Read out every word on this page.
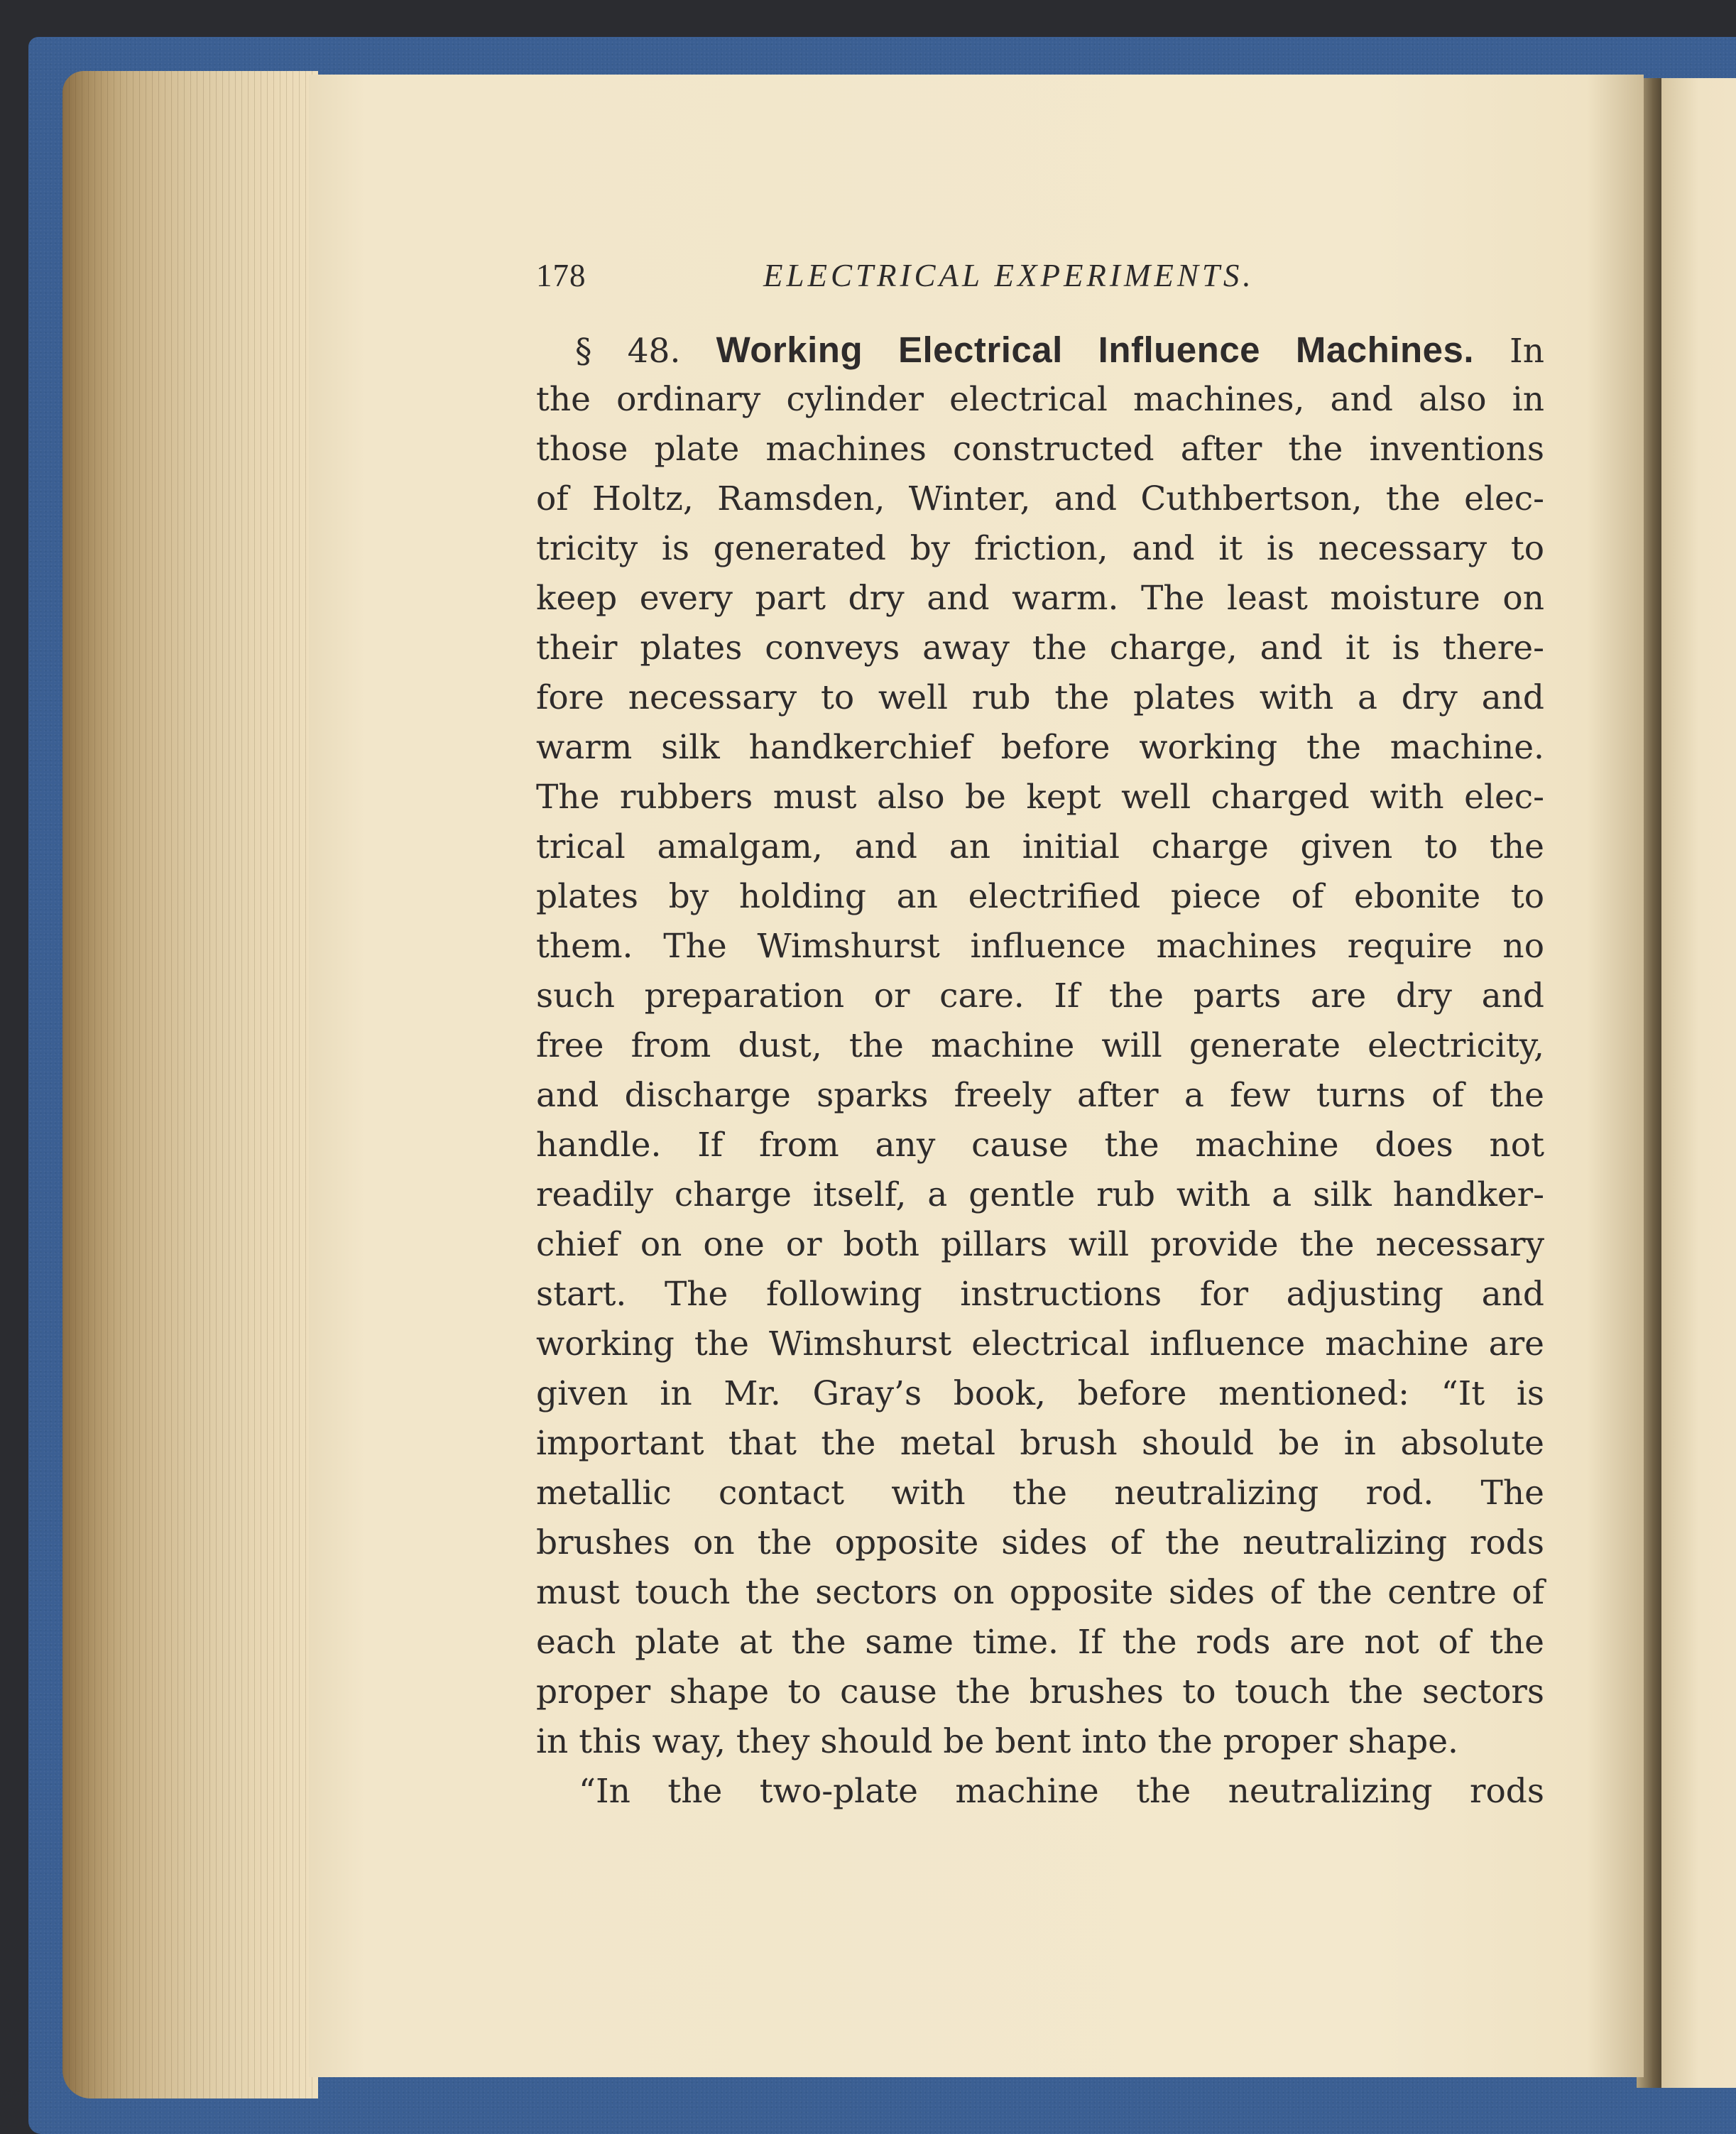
178	ELECTRICAL EXPERIMENTS.
§ 48. Working Electrical Influence Machines. In
the ordinary cylinder electrical machines, and also in
those plate machines constructed after the inventions
of Holtz, Ramsden, Winter, and Cuthbertson, the elec-
tricity is generated by friction, and it is necessary to
keep every part dry and warm. The least moisture on
their plates conveys away the charge, and it is there-
fore necessary to well rub the plates with a dry and
warm silk handkerchief before working the machine.
The rubbers must also be kept well charged with elec-
trical amalgam, and an initial charge given to the
plates by holding an electrified piece of ebonite to
them. The Wimshurst influence machines require no
such preparation or care. If the parts are dry and
free from dust, the machine will generate electricity,
and discharge sparks freely after a few turns of the
handle. If from any cause the machine does not
readily charge itself, a gentle rub with a silk handker-
chief on one or both pillars will provide the necessary
start. The following instructions for adjusting and
working the Wimshurst electrical influence machine are
given in Mr. Gray’s book, before mentioned: “It is
important that the metal brush should be in absolute
metallic contact with the neutralizing rod. The
brushes on the opposite sides of the neutralizing rods
must touch the sectors on opposite sides of the centre of
each plate at the same time. If the rods are not of the
proper shape to cause the brushes to touch the sectors
in this way, they should be bent into the proper shape.
“In the two-plate machine the neutralizing rods
